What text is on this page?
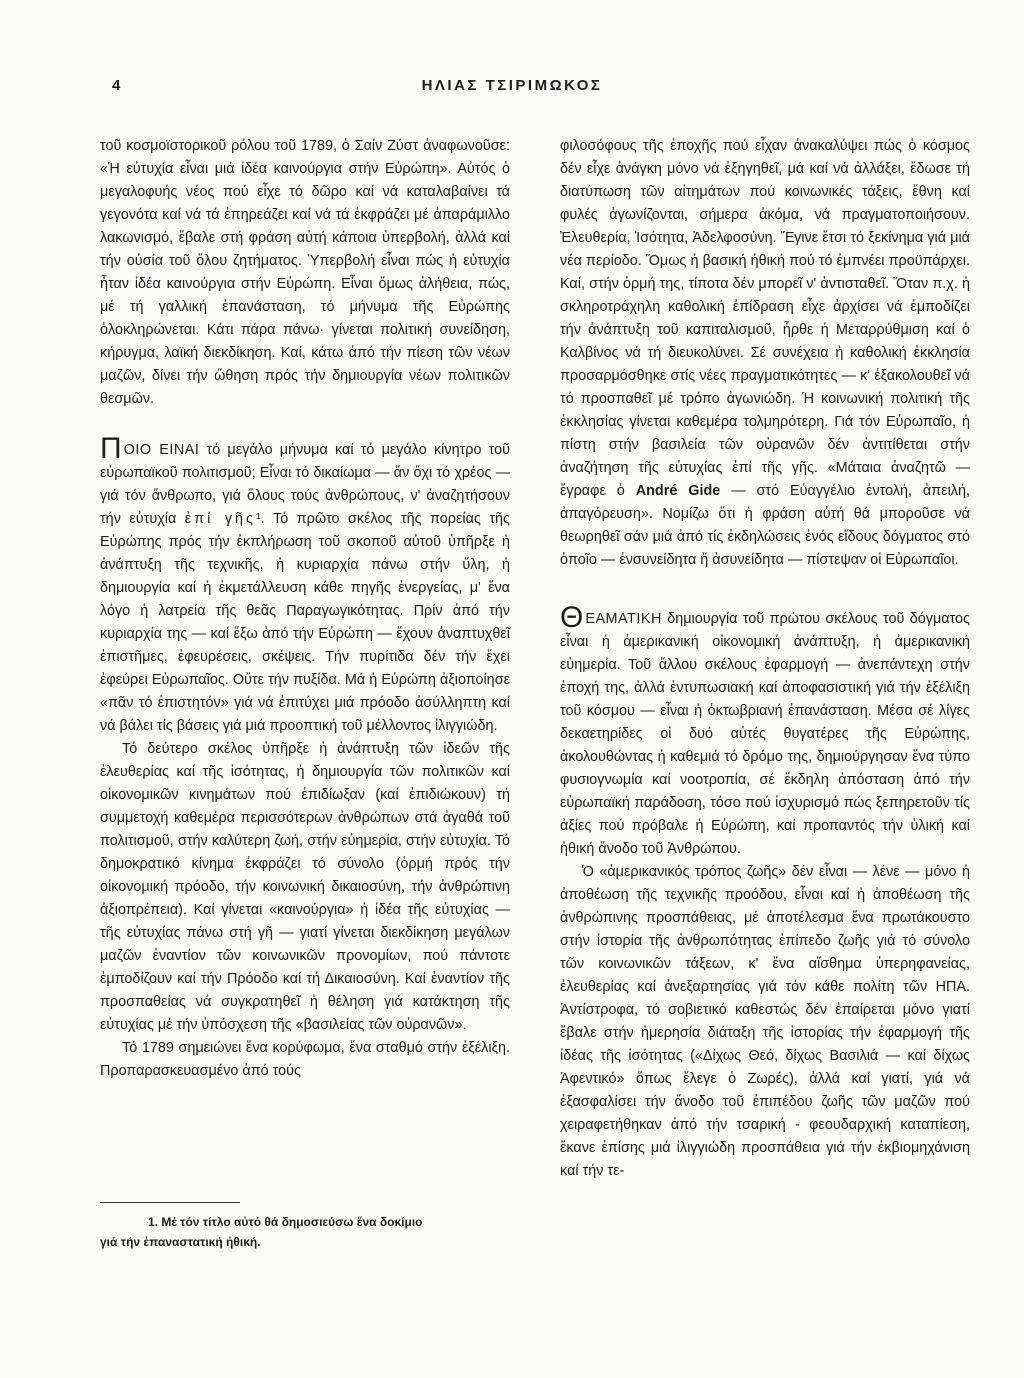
4	ΗΛΙΑΣ ΤΣΙΡΙΜΩΚΟΣ

τοῦ κοσμοϊστορικοῦ ρόλου τοῦ 1789, ὁ Σαίν Ζύστ ἀναφωνοῦσε: «Ἡ εὐτυχία εἶναι μιά ἰδέα καινούργια στήν Εὐρώπη». Αὐτός ὁ μεγαλοφυής νέος πού εἶχε τό δῶρο καί νά καταλαβαίνει τά γεγονότα καί νά τά ἐπηρεάζει καί νά τά ἐκφράζει μέ ἀπαράμιλλο λακωνισμό, ἔβαλε στή φράση αὐτή κάποια ὑπερβολή, ἀλλά καί τήν οὐσία τοῦ ὅλου ζητήματος. Ὑπερβολή εἶναι πώς ἡ εὐτυχία ἦταν ἰδέα καινούργια στήν Εὐρώπη. Εἶναι ὅμως ἀλήθεια, πώς, μέ τή γαλλική ἐπανάσταση, τό μήνυμα τῆς Εὐρώπης ὁλοκληρώνεται. Κάτι πάρα πάνω· γίνεται πολιτική συνείδηση, κήρυγμα, λαϊκή διεκδίκηση. Καί, κάτω ἀπό τήν πίεση τῶν νέων μαζῶν, δίνει τήν ὤθηση πρός τήν δημιουργία νέων πολιτικῶν θεσμῶν.

ΠΟΙΟ ΕΙΝΑΙ τό μεγάλο μήνυμα καί τό μεγάλο κίνητρο τοῦ εὐρωπαϊκοῦ πολιτισμοῦ; Εἶναι τό δικαίωμα — ἄν ὄχι τό χρέος — γιά τόν ἄνθρωπο, γιά ὅλους τούς ἀνθρώπους, ν' ἀναζητήσουν τήν εὐτυχία ἐπί γῆς¹. Τό πρῶτο σκέλος τῆς πορείας τῆς Εὐρώπης πρός τήν ἐκπλήρωση τοῦ σκοποῦ αὐτοῦ ὑπῆρξε ἡ ἀνάπτυξη τῆς τεχνικῆς, ἡ κυριαρχία πάνω στήν ὕλη, ἡ δημιουργία καί ἡ ἐκμετάλλευση κάθε πηγῆς ἐνεργείας, μ' ἕνα λόγο ἡ λατρεία τῆς θεᾶς Παραγωγικότητας. Πρίν ἀπό τήν κυριαρχία της — καί ἔξω ἀπό τήν Εὐρώπη — ἔχουν ἀναπτυχθεῖ ἐπιστῆμες, ἐφευρέσεις, σκέψεις. Τήν πυρίτιδα δέν τήν ἔχει ἐφεύρει Εὐρωπαῖος. Οὔτε τήν πυξίδα. Μά ἡ Εὐρώπη ἀξιοποίησε «πᾶν τό ἐπιστητόν» γιά νά ἐπιτύχει μιά πρόοδο ἀσύλληπτη καί νά βάλει τίς βάσεις γιά μιά προοπτική τοῦ μέλλοντος ἰλιγγιώδη.

Τό δεύτερο σκέλος ὑπῆρξε ἡ ἀνάπτυξη τῶν ἰδεῶν τῆς ἐλευθερίας καί τῆς ἰσότητας, ἡ δημιουργία τῶν πολιτικῶν καί οἰκονομικῶν κινημάτων πού ἐπιδίωξαν (καί ἐπιδιώκουν) τή συμμετοχή καθεμέρα περισσότερων ἀνθρώπων στά ἀγαθά τοῦ πολιτισμοῦ, στήν καλύτερη ζωή, στήν εὐημερία, στήν εὐτυχία. Τό δημοκρατικό κίνημα ἐκφράζει τό σύνολο (ὁρμή πρός τήν οἰκονομική πρόοδο, τήν κοινωνική δικαιοσύνη, τήν ἀνθρώπινη ἀξιοπρέπεια). Καί γίνεται «καινούργια» ἡ ἰδέα τῆς εὐτυχίας — τῆς εὐτυχίας πάνω στή γῆ — γιατί γίνεται διεκδίκηση μεγάλων μαζῶν ἐναντίον τῶν κοινωνικῶν προνομίων, πού πάντοτε ἐμποδίζουν καί τήν Πρόοδο καί τή Δικαιοσύνη. Καί ἐναντίον τῆς προσπαθείας νά συγκρατηθεῖ ἡ θέληση γιά κατάκτηση τῆς εὐτυχίας μέ τήν ὑπόσχεση τῆς «βασιλείας τῶν οὐρανῶν».

Τό 1789 σημειώνει ἕνα κορύφωμα, ἕνα σταθμό στήν ἐξέλιξη. Προπαρασκευασμένο ἀπό τούς

φιλοσόφους τῆς ἐποχῆς πού εἶχαν ἀνακαλύψει πώς ὁ κόσμος δέν εἶχε ἀνάγκη μόνο νά ἐξηγηθεῖ, μά καί νά ἀλλάξει, ἔδωσε τή διατύπωση τῶν αἰτημάτων πού κοινωνικές τάξεις, ἔθνη καί φυλές ἀγωνίζονται, σήμερα ἀκόμα, νά πραγματοποιήσουν. Ἐλευθερία, Ἰσότητα, Ἀδελφοσύνη. Ἔγινε ἔτσι τό ξεκίνημα γιά μιά νέα περίοδο. Ὅμως ἡ βασική ἠθική πού τό ἐμπνέει προϋπάρχει. Καί, στήν ὁρμή της, τίποτα δέν μπορεῖ ν' ἀντισταθεῖ. Ὅταν π.χ. ἡ σκληροτράχηλη καθολική ἐπίδραση εἶχε ἀρχίσει νά ἐμποδίζει τήν ἀνάπτυξη τοῦ καπιταλισμοῦ, ἦρθε ἡ Μεταρρύθμιση καί ὁ Καλβίνος νά τή διευκολύνει. Σέ συνέχεια ἡ καθολική ἐκκλησία προσαρμόσθηκε στίς νέες πραγματικότητες — κ' ἐξακολουθεῖ νά τό προσπαθεῖ μέ τρόπο ἀγωνιώδη. Ἡ κοινωνική πολιτική τῆς ἐκκλησίας γίνεται καθεμέρα τολμηρότερη. Γιά τόν Εὐρωπαῖο, ἡ πίστη στήν βασιλεία τῶν οὐρανῶν δέν ἀντιτίθεται στήν ἀναζήτηση τῆς εὐτυχίας ἐπί τῆς γῆς. «Μάταια ἀναζητῶ — ἔγραφε ὁ André Gide — στό Εὐαγγέλιο ἐντολή, ἀπειλή, ἀπαγόρευση». Νομίζω ὅτι ἡ φράση αὐτή θά μποροῦσε νά θεωρηθεῖ σάν μιά ἀπό τίς ἐκδηλώσεις ἑνός εἴδους δόγματος στό ὁποῖο — ἐνσυνείδητα ἤ ἀσυνείδητα — πίστεψαν οἱ Εὐρωπαῖοι.

ΘΕΑΜΑΤΙΚΗ δημιουργία τοῦ πρώτου σκέλους τοῦ δόγματος εἶναι ἡ ἀμερικανική οἰκονομική ἀνάπτυξη, ἡ ἀμερικανική εὐημερία. Τοῦ ἄλλου σκέλους ἐφαρμογή — ἀνεπάντεχη στήν ἐποχή της, ἀλλά ἐντυπωσιακή καί ἀποφασιστική γιά τήν ἐξέλιξη τοῦ κόσμου — εἶναι ἡ ὀκτωβριανή ἐπανάσταση. Μέσα σέ λίγες δεκαετηρίδες οἱ δυό αὐτές θυγατέρες τῆς Εὐρώπης, ἀκολουθώντας ἡ καθεμιά τό δρόμο της, δημιούργησαν ἕνα τύπο φυσιογνωμία καί νοοτροπία, σέ ἔκδηλη ἀπόσταση ἀπό τήν εὐρωπαϊκή παράδοση, τόσο πού ἰσχυρισμό πώς ξεπηρετοῦν τίς ἀξίες πού πρόβαλε ἡ Εὐρώπη, καί προπαντός τήν ὑλική καί ἠθική ἄνοδο τοῦ Ἀνθρώπου.

Ὁ «ἀμερικανικός τρόπος ζωῆς» δέν εἶναι — λένε — μόνο ἡ ἀποθέωση τῆς τεχνικῆς προόδου, εἶναι καί ἡ ἀποθέωση τῆς ἀνθρώπινης προσπάθειας, μέ ἀποτέλεσμα ἕνα πρωτάκουστο στήν ἱστορία τῆς ἀνθρωπότητας ἐπίπεδο ζωῆς γιά τό σύνολο τῶν κοινωνικῶν τάξεων, κ' ἕνα αἴσθημα ὑπερηφανείας, ἐλευθερίας καί ἀνεξαρτησίας γιά τόν κάθε πολίτη τῶν ΗΠΑ. Ἀντίστροφα, τό σοβιετικό καθεστώς δέν ἐπαίρεται μόνο γιατί ἔβαλε στήν ἡμερησία διάταξη τῆς ἱστορίας τήν ἐφαρμογή τῆς ἰδέας τῆς ἰσότητας («Δίχως Θεό, δίχως Βασιλιά — καί δίχως Ἀφεντικό» ὅπως ἔλεγε ὁ Ζωρές), ἀλλά καί γιατί, γιά νά ἐξασφαλίσει τήν ἄνοδο τοῦ ἐπιπέδου ζωῆς τῶν μαζῶν πού χειραφετήθηκαν ἀπό τήν τσαρική - φεουδαρχική καταπίεση, ἔκανε ἐπίσης μιά ἰλιγγιώδη προσπάθεια γιά τήν ἐκβιομηχάνιση καί τήν τε-

1. Μέ τόν τίτλο αὐτό θά δημοσιεύσω ἕνα δοκίμιο
γιά τήν ἐπαναστατική ἠθική.
